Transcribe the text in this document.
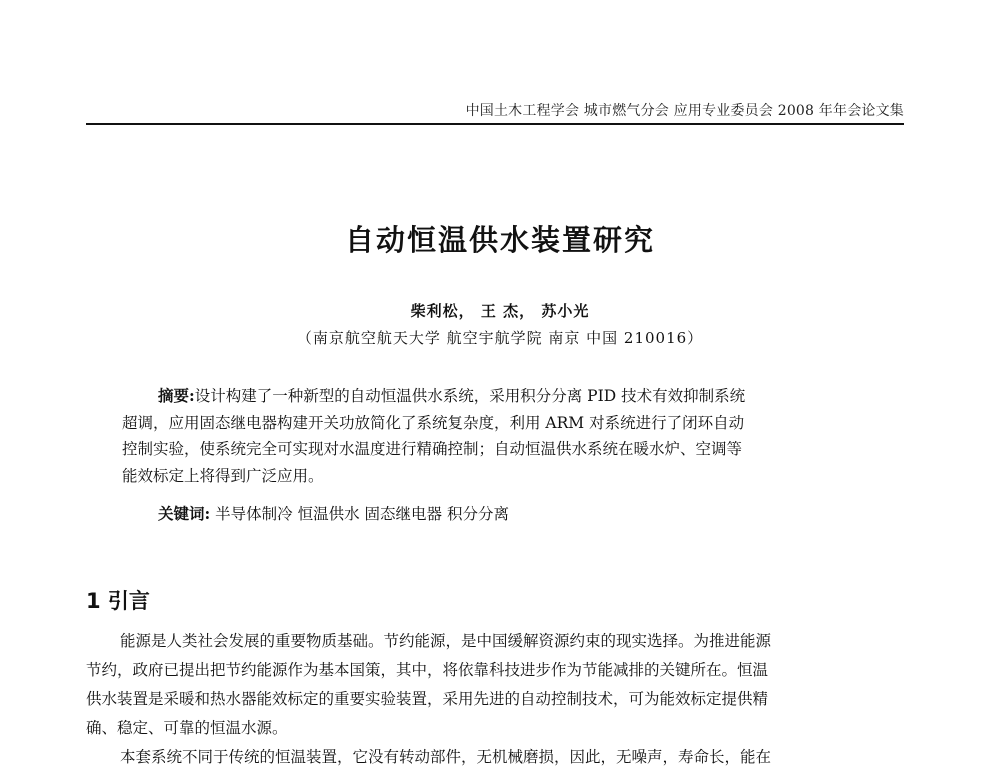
中国土木工程学会 城市燃气分会 应用专业委员会 2008 年年会论文集
自动恒温供水装置研究
柴利松， 王 杰， 苏小光
（南京航空航天大学 航空宇航学院 南京 中国 210016）
摘要:设计构建了一种新型的自动恒温供水系统，采用积分分离 PID 技术有效抑制系统
超调，应用固态继电器构建开关功放简化了系统复杂度，利用 ARM 对系统进行了闭环自动
控制实验，使系统完全可实现对水温度进行精确控制；自动恒温供水系统在暖水炉、空调等
能效标定上将得到广泛应用。
关键词: 半导体制冷 恒温供水 固态继电器 积分分离
1 引言
能源是人类社会发展的重要物质基础。节约能源，是中国缓解资源约束的现实选择。为推进能源
节约，政府已提出把节约能源作为基本国策，其中，将依靠科技进步作为节能减排的关键所在。恒温
供水装置是采暖和热水器能效标定的重要实验装置，采用先进的自动控制技术，可为能效标定提供精
确、稳定、可靠的恒温水源。
本套系统不同于传统的恒温装置，它没有转动部件，无机械磨损，因此，无噪声，寿命长，能在
